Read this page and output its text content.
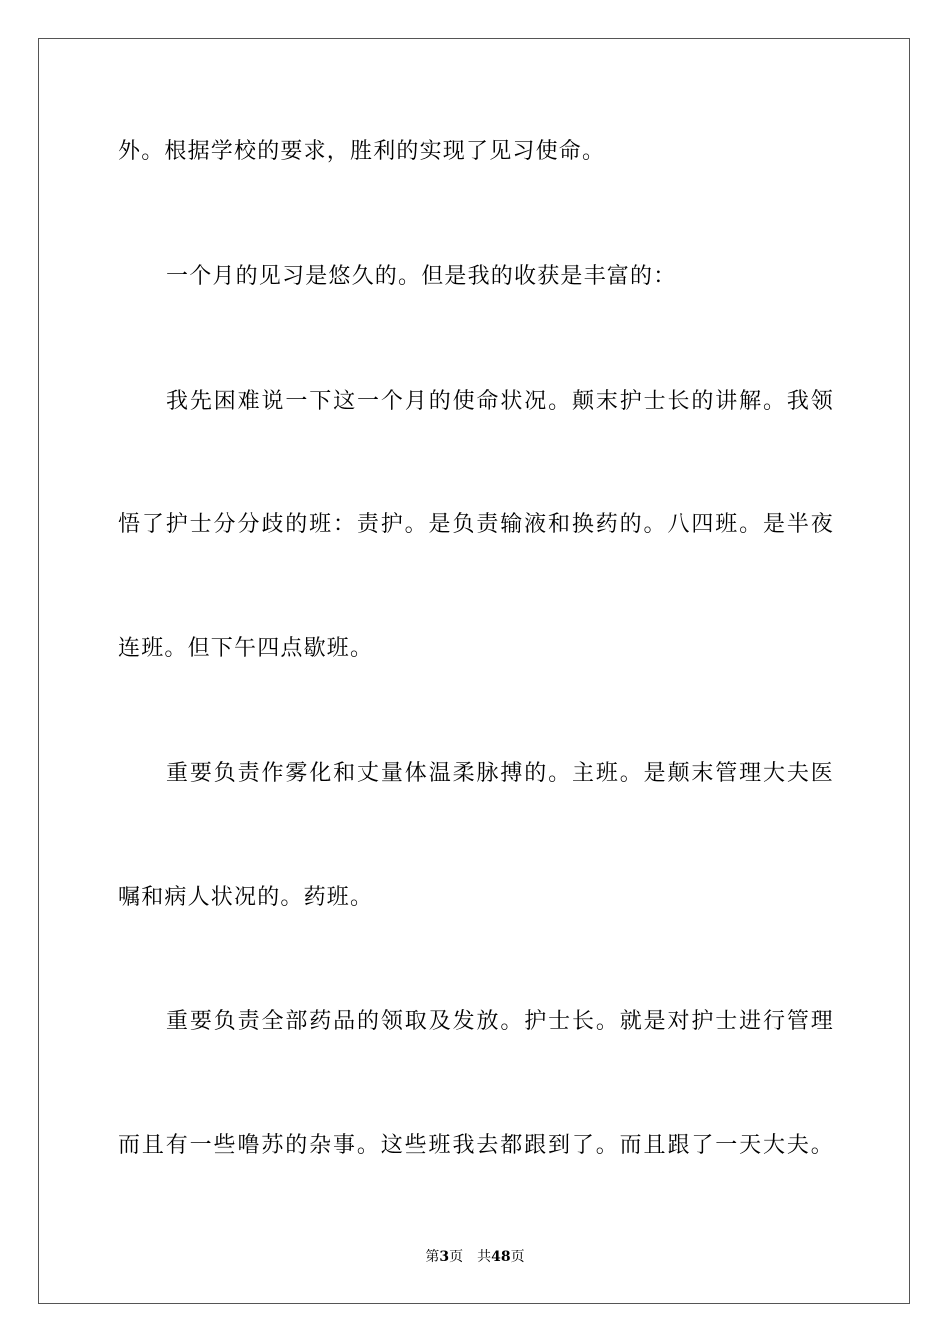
外。根据学校的要求，胜利的实现了见习使命。
一个月的见习是悠久的。但是我的收获是丰富的：
我先困难说一下这一个月的使命状况。颠末护士长的讲解。我领
悟了护士分分歧的班：责护。是负责输液和换药的。八四班。是半夜
连班。但下午四点歇班。
重要负责作雾化和丈量体温柔脉搏的。主班。是颠末管理大夫医
嘱和病人状况的。药班。
重要负责全部药品的领取及发放。护士长。就是对护士进行管理
而且有一些噜苏的杂事。这些班我去都跟到了。而且跟了一天大夫。
第3页 共48页
